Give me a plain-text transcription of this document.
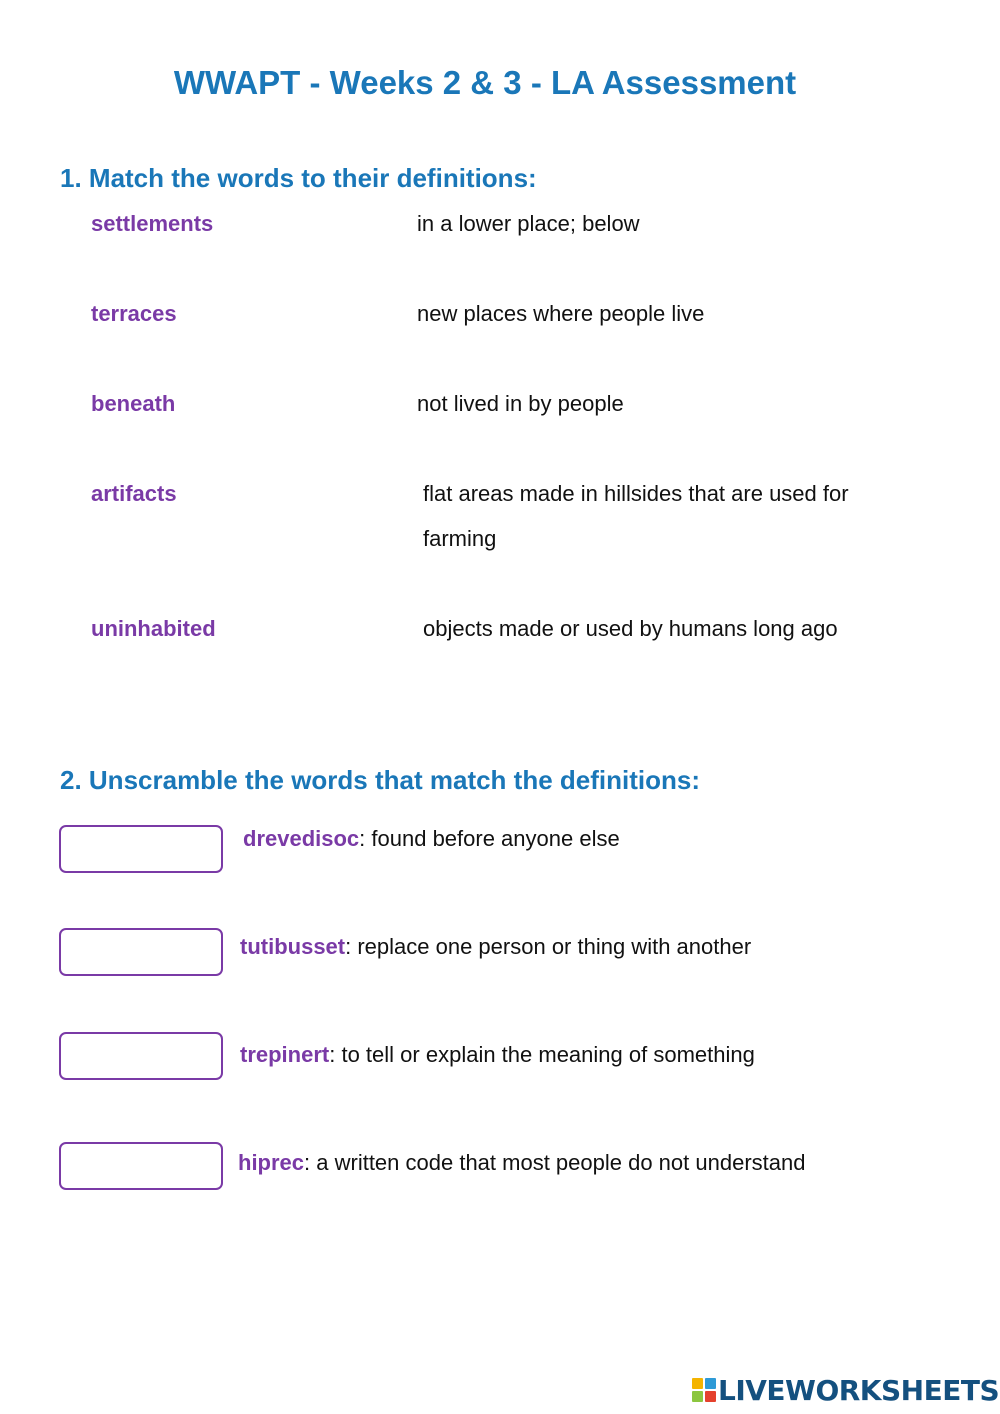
WWAPT - Weeks 2 & 3 - LA Assessment
1. Match the words to their definitions:
settlements
terraces
beneath
artifacts
uninhabited
in a lower place; below
new places where people live
not lived in by people
flat areas made in hillsides that are used for farming
objects made or used by humans long ago
2. Unscramble the words that match the definitions:
drevedisoc: found before anyone else
tutibusset: replace one person or thing with another
trepinert: to tell or explain the meaning of something
hiprec: a written code that most people do not understand
LIVEWORKSHEETS
